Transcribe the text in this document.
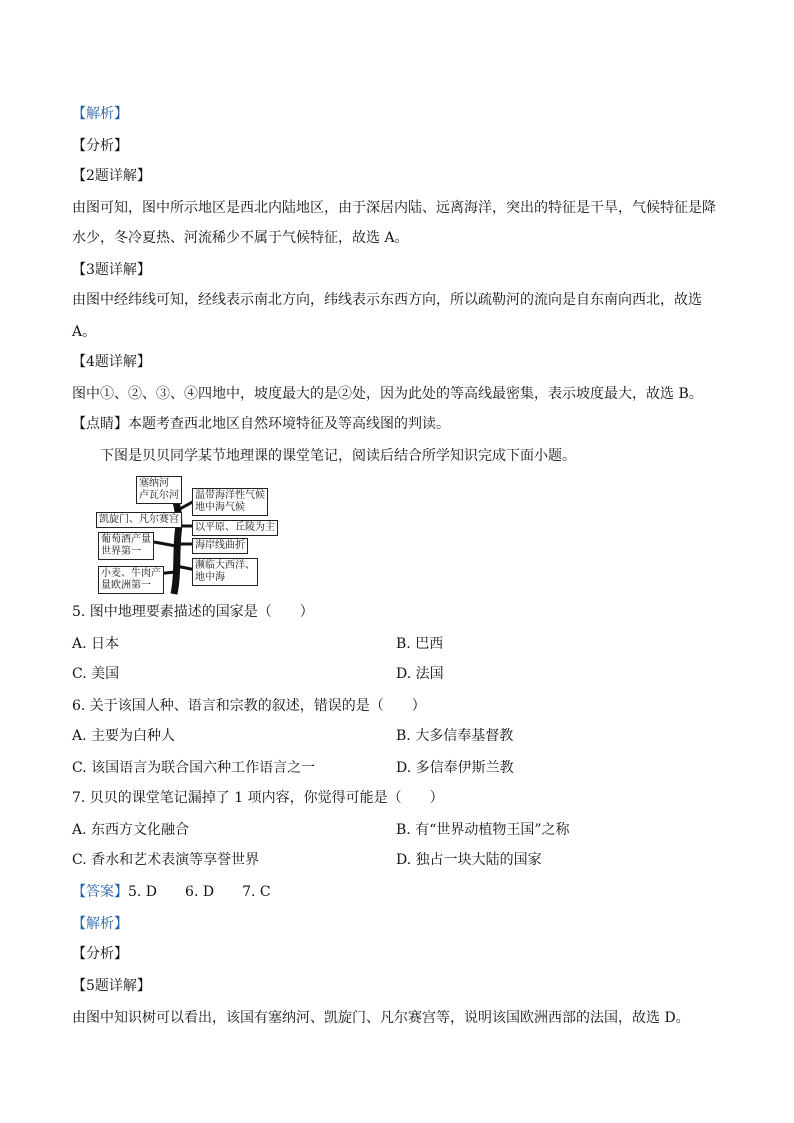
【解析】
【分析】
【2题详解】
由图可知，图中所示地区是西北内陆地区，由于深居内陆、远离海洋，突出的特征是干旱，气候特征是降
水少，冬冷夏热、河流稀少不属于气候特征，故选 A。
【3题详解】
由图中经纬线可知，经线表示南北方向，纬线表示东西方向，所以疏勒河的流向是自东南向西北，故选
A。
【4题详解】
图中①、②、③、④四地中，坡度最大的是②处，因为此处的等高线最密集，表示坡度最大，故选 B。
【点睛】本题考查西北地区自然环境特征及等高线图的判读。
下图是贝贝同学某节地理课的课堂笔记，阅读后结合所学知识完成下面小题。
塞纳河
卢瓦尔河
凯旋门、凡尔赛宫
葡萄酒产量
世界第一
小麦、牛肉产
量欧洲第一
温带海洋性气候
地中海气候
以平原、丘陵为主
海岸线曲折
濒临大西洋、
地中海
5. 图中地理要素描述的国家是（　　）
A. 日本	B. 巴西
C. 美国	D. 法国
6. 关于该国人种、语言和宗教的叙述，错误的是（　　）
A. 主要为白种人	B. 大多信奉基督教
C. 该国语言为联合国六种工作语言之一	D. 多信奉伊斯兰教
7. 贝贝的课堂笔记漏掉了 1 项内容，你觉得可能是（　　）
A. 东西方文化融合	B. 有“世界动植物王国”之称
C. 香水和艺术表演等享誉世界	D. 独占一块大陆的国家
【答案】5. D　　6. D　　7. C
【解析】
【分析】
【5题详解】
由图中知识树可以看出，该国有塞纳河、凯旋门、凡尔赛宫等，说明该国欧洲西部的法国，故选 D。
